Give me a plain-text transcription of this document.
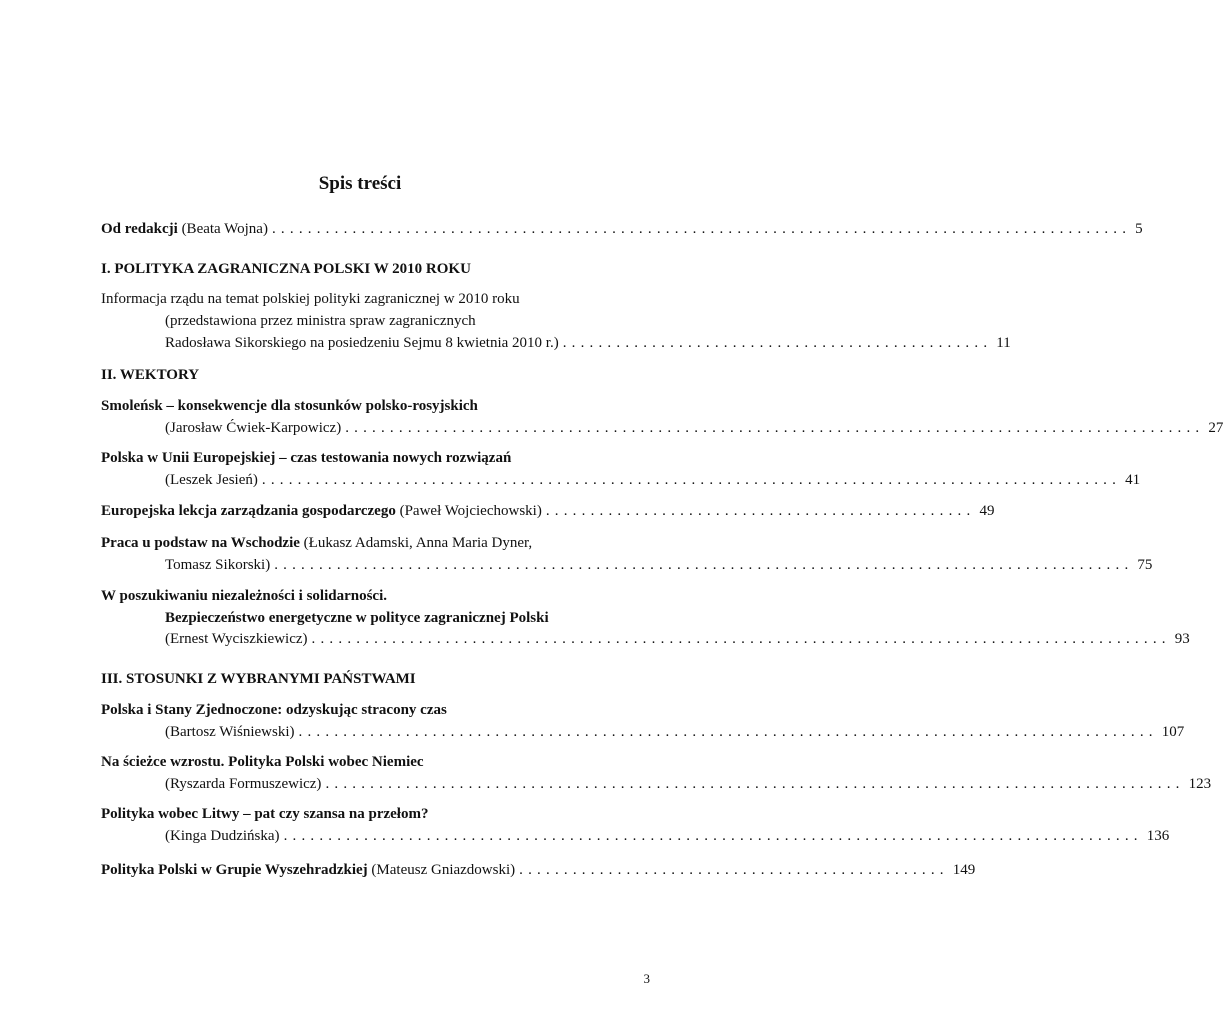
Spis treści
Od redakcji (Beata Wojna) ................................................................................................ 5
I. POLITYKA ZAGRANICZNA POLSKI W 2010 ROKU
Informacja rządu na temat polskiej polityki zagranicznej w 2010 roku
(przedstawiona przez ministra spraw zagranicznych
Radosława Sikorskiego na posiedzeniu Sejmu 8 kwietnia 2010 r.) ................................................ 11
II. WEKTORY
Smoleńsk – konsekwencje dla stosunków polsko-rosyjskich
(Jarosław Ćwiek-Karpowicz) ................................................................................................ 27
Polska w Unii Europejskiej – czas testowania nowych rozwiązań
(Leszek Jesień) ................................................................................................ 41
Europejska lekcja zarządzania gospodarczego (Paweł Wojciechowski) ................................................ 49
Praca u podstaw na Wschodzie (Łukasz Adamski, Anna Maria Dyner,
Tomasz Sikorski) ................................................................................................ 75
W poszukiwaniu niezależności i solidarności.
Bezpieczeństwo energetyczne w polityce zagranicznej Polski
(Ernest Wyciszkiewicz) ................................................................................................ 93
III. STOSUNKI Z WYBRANYMI PAŃSTWAMI
Polska i Stany Zjednoczone: odzyskując stracony czas
(Bartosz Wiśniewski) ................................................................................................ 107
Na ścieżce wzrostu. Polityka Polski wobec Niemiec
(Ryszarda Formuszewicz) ................................................................................................ 123
Polityka wobec Litwy – pat czy szansa na przełom?
(Kinga Dudzińska) ................................................................................................ 136
Polityka Polski w Grupie Wyszehradzkiej (Mateusz Gniazdowski) ................................................ 149
3
